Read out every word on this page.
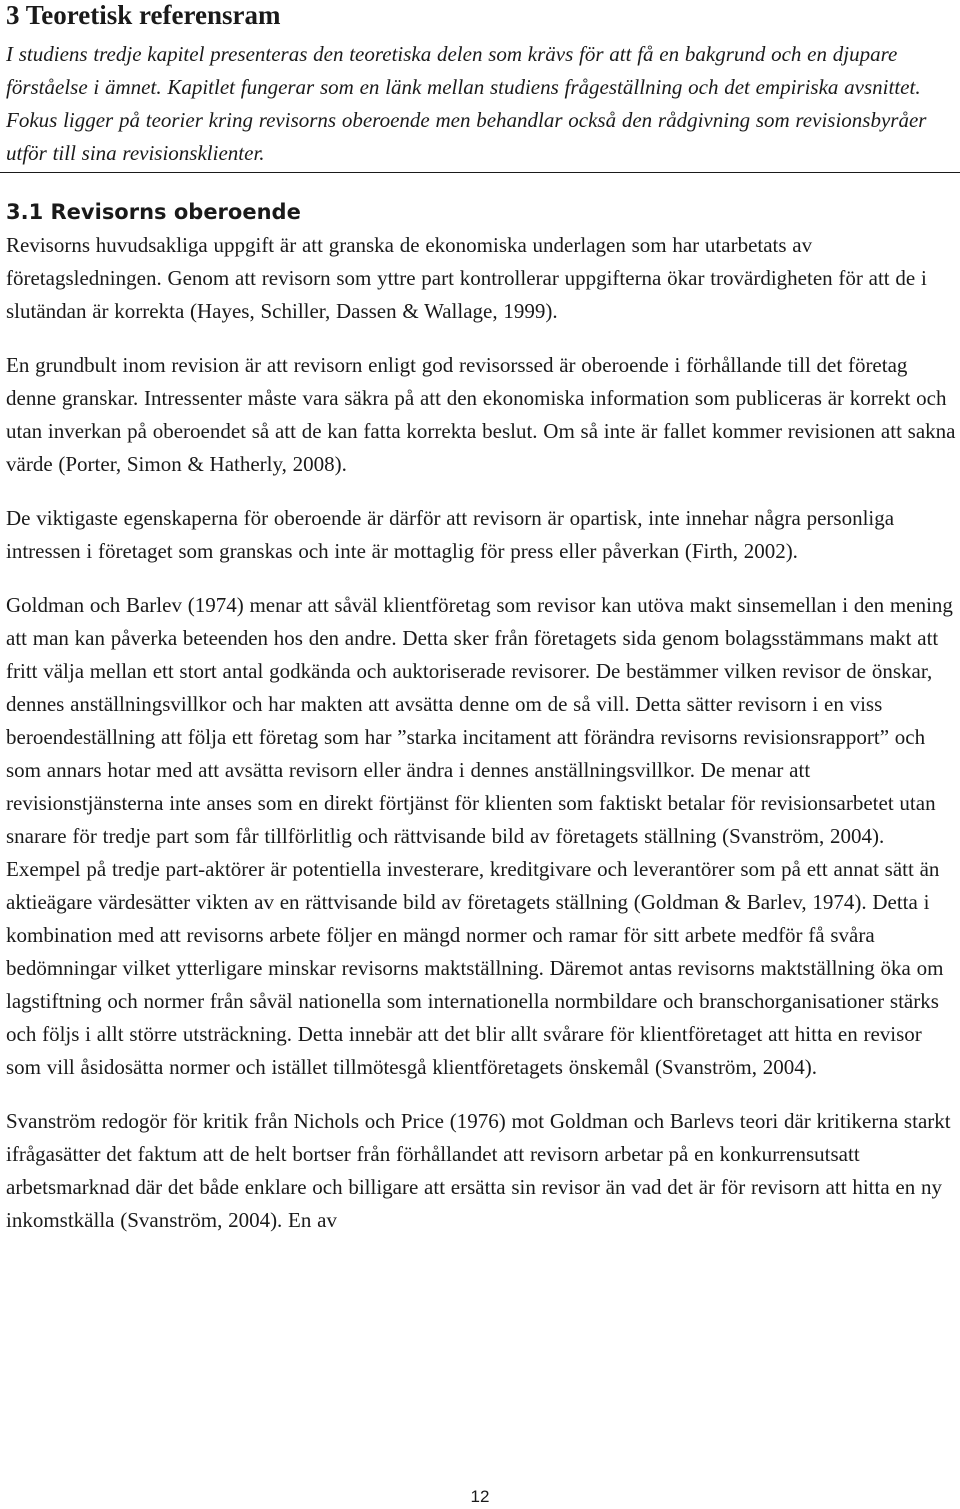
3 Teoretisk referensram

I studiens tredje kapitel presenteras den teoretiska delen som krävs för att få en bakgrund och en djupare förståelse i ämnet. Kapitlet fungerar som en länk mellan studiens frågeställning och det empiriska avsnittet. Fokus ligger på teorier kring revisorns oberoende men behandlar också den rådgivning som revisionsbyråer utför till sina revisionsklienter.

3.1 Revisorns oberoende

Revisorns huvudsakliga uppgift är att granska de ekonomiska underlagen som har utarbetats av företagsledningen. Genom att revisorn som yttre part kontrollerar uppgifterna ökar trovärdigheten för att de i slutändan är korrekta (Hayes, Schiller, Dassen & Wallage, 1999).

En grundbult inom revision är att revisorn enligt god revisorssed är oberoende i förhållande till det företag denne granskar. Intressenter måste vara säkra på att den ekonomiska information som publiceras är korrekt och utan inverkan på oberoendet så att de kan fatta korrekta beslut. Om så inte är fallet kommer revisionen att sakna värde (Porter, Simon & Hatherly, 2008).

De viktigaste egenskaperna för oberoende är därför att revisorn är opartisk, inte innehar några personliga intressen i företaget som granskas och inte är mottaglig för press eller påverkan (Firth, 2002).

Goldman och Barlev (1974) menar att såväl klientföretag som revisor kan utöva makt sinsemellan i den mening att man kan påverka beteenden hos den andre. Detta sker från företagets sida genom bolagsstämmans makt att fritt välja mellan ett stort antal godkända och auktoriserade revisorer. De bestämmer vilken revisor de önskar, dennes anställningsvillkor och har makten att avsätta denne om de så vill. Detta sätter revisorn i en viss beroendeställning att följa ett företag som har ”starka incitament att förändra revisorns revisionsrapport” och som annars hotar med att avsätta revisorn eller ändra i dennes anställningsvillkor. De menar att revisionstjänsterna inte anses som en direkt förtjänst för klienten som faktiskt betalar för revisionsarbetet utan snarare för tredje part som får tillförlitlig och rättvisande bild av företagets ställning (Svanström, 2004). Exempel på tredje part-aktörer är potentiella investerare, kreditgivare och leverantörer som på ett annat sätt än aktieägare värdesätter vikten av en rättvisande bild av företagets ställning (Goldman & Barlev, 1974). Detta i kombination med att revisorns arbete följer en mängd normer och ramar för sitt arbete medför få svåra bedömningar vilket ytterligare minskar revisorns maktställning. Däremot antas revisorns maktställning öka om lagstiftning och normer från såväl nationella som internationella normbildare och branschorganisationer stärks och följs i allt större utsträckning. Detta innebär att det blir allt svårare för klientföretaget att hitta en revisor som vill åsidosätta normer och istället tillmötesgå klientföretagets önskemål (Svanström, 2004).

Svanström redogör för kritik från Nichols och Price (1976) mot Goldman och Barlevs teori där kritikerna starkt ifrågasätter det faktum att de helt bortser från förhållandet att revisorn arbetar på en konkurrensutsatt arbetsmarknad där det både enklare och billigare att ersätta sin revisor än vad det är för revisorn att hitta en ny inkomstkälla (Svanström, 2004). En av

12
